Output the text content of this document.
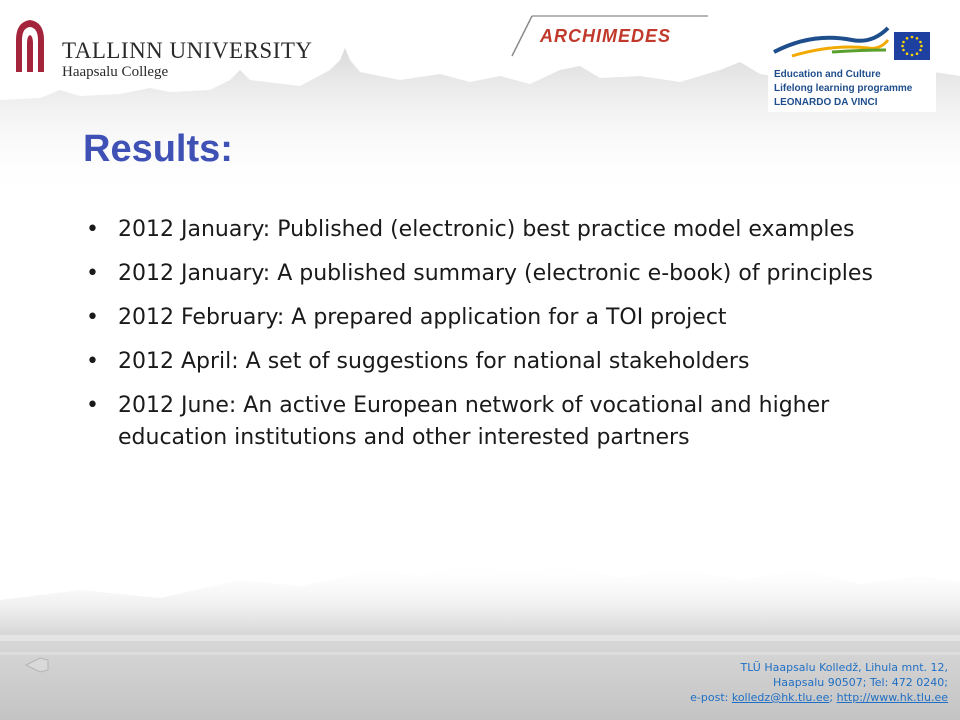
TALLINN UNIVERSITY
Haapsalu College
ARCHIMEDES
Education and Culture
Lifelong learning programme
LEONARDO DA VINCI
Results:
• 2012 January: Published (electronic) best practice model examples
• 2012 January: A published summary (electronic e-book) of principles
• 2012 February: A prepared application for a TOI project
• 2012 April: A set of suggestions for national stakeholders
• 2012 June: An active European network of vocational and higher education institutions and other interested partners
TLÜ Haapsalu Kolledž, Lihula mnt. 12,
Haapsalu 90507; Tel: 472 0240;
e-post: kolledz@hk.tlu.ee; http://www.hk.tlu.ee
